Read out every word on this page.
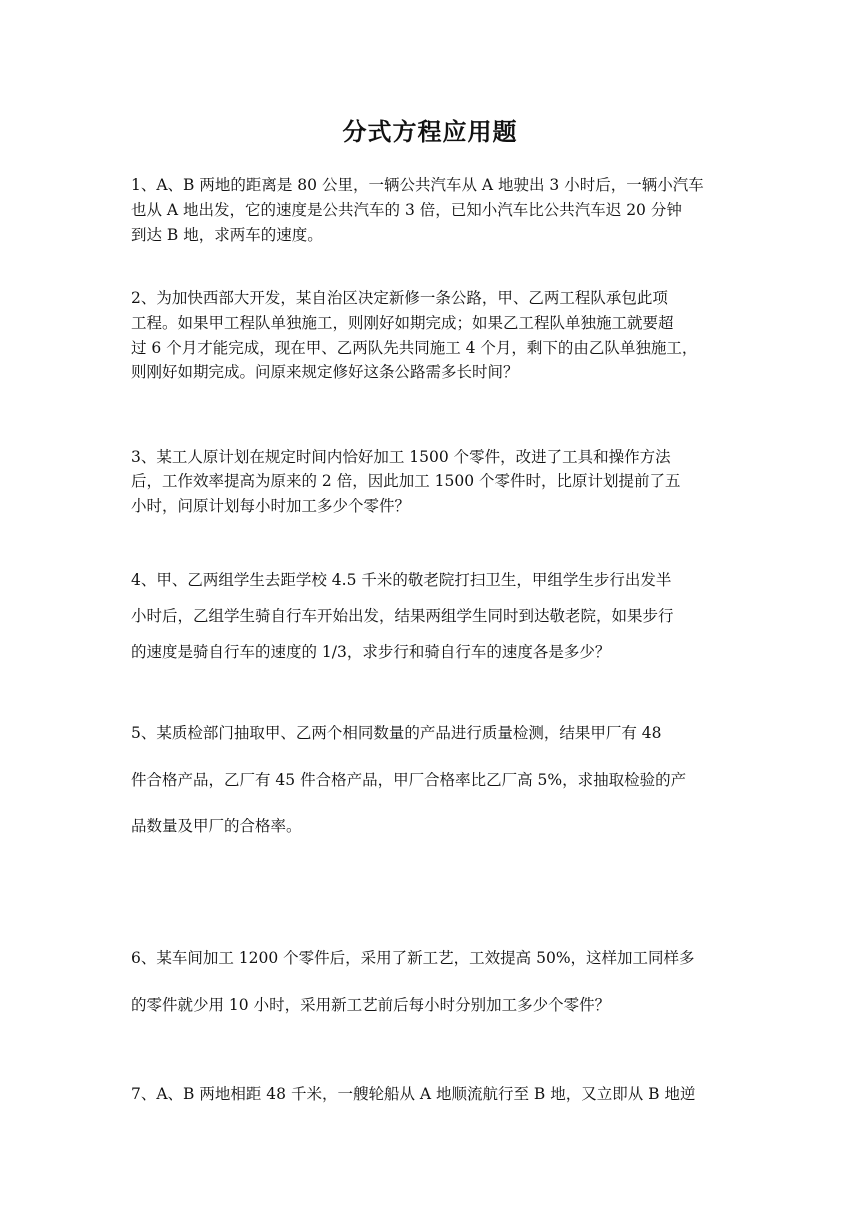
分式方程应用题
1、A、B 两地的距离是 80 公里，一辆公共汽车从 A 地驶出 3 小时后，一辆小汽车
也从 A 地出发，它的速度是公共汽车的 3 倍，已知小汽车比公共汽车迟 20 分钟
到达 B 地，求两车的速度。
2、为加快西部大开发，某自治区决定新修一条公路，甲、乙两工程队承包此项
工程。如果甲工程队单独施工，则刚好如期完成；如果乙工程队单独施工就要超
过 6 个月才能完成，现在甲、乙两队先共同施工 4 个月，剩下的由乙队单独施工，
则刚好如期完成。问原来规定修好这条公路需多长时间？
3、某工人原计划在规定时间内恰好加工 1500 个零件，改进了工具和操作方法
后，工作效率提高为原来的 2 倍，因此加工 1500 个零件时，比原计划提前了五
小时，问原计划每小时加工多少个零件？
4、甲、乙两组学生去距学校 4.5 千米的敬老院打扫卫生，甲组学生步行出发半
小时后，乙组学生骑自行车开始出发，结果两组学生同时到达敬老院，如果步行
的速度是骑自行车的速度的 1/3，求步行和骑自行车的速度各是多少？
5、某质检部门抽取甲、乙两个相同数量的产品进行质量检测，结果甲厂有 48
件合格产品，乙厂有 45 件合格产品，甲厂合格率比乙厂高 5%，求抽取检验的产
品数量及甲厂的合格率。
6、某车间加工 1200 个零件后，采用了新工艺，工效提高 50%，这样加工同样多
的零件就少用 10 小时，采用新工艺前后每小时分别加工多少个零件？
7、A、B 两地相距 48 千米，一艘轮船从 A 地顺流航行至 B 地，又立即从 B 地逆
